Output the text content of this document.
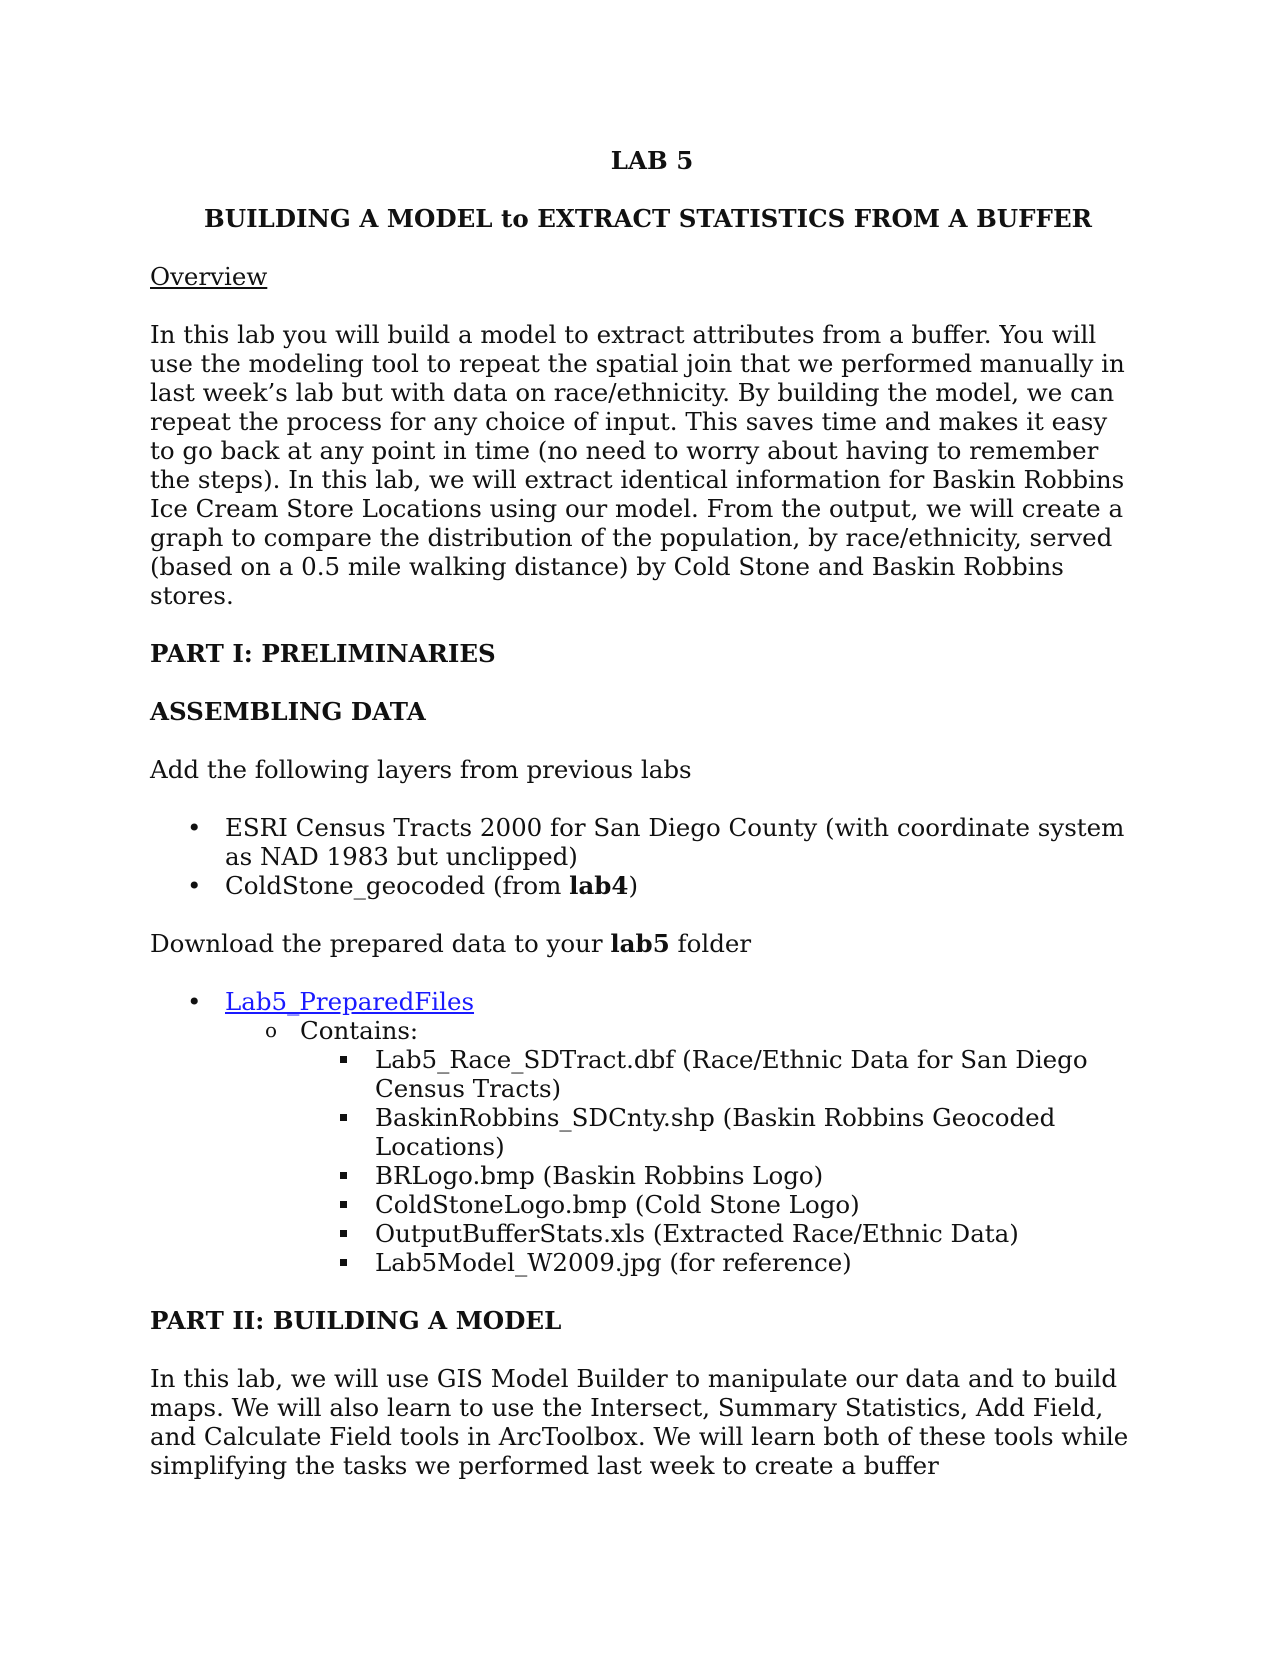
LAB 5

BUILDING A MODEL to EXTRACT STATISTICS FROM A BUFFER

Overview

In this lab you will build a model to extract attributes from a buffer. You will use the modeling tool to repeat the spatial join that we performed manually in last week’s lab but with data on race/ethnicity. By building the model, we can repeat the process for any choice of input. This saves time and makes it easy to go back at any point in time (no need to worry about having to remember the steps). In this lab, we will extract identical information for Baskin Robbins Ice Cream Store Locations using our model. From the output, we will create a graph to compare the distribution of the population, by race/ethnicity, served (based on a 0.5 mile walking distance) by Cold Stone and Baskin Robbins stores.

PART I: PRELIMINARIES

ASSEMBLING DATA

Add the following layers from previous labs

• ESRI Census Tracts 2000 for San Diego County (with coordinate system as NAD 1983 but unclipped)
• ColdStone_geocoded (from lab4)

Download the prepared data to your lab5 folder

• Lab5_PreparedFiles
o Contains:
Lab5_Race_SDTract.dbf (Race/Ethnic Data for San Diego Census Tracts)
BaskinRobbins_SDCnty.shp (Baskin Robbins Geocoded Locations)
BRLogo.bmp (Baskin Robbins Logo)
ColdStoneLogo.bmp (Cold Stone Logo)
OutputBufferStats.xls (Extracted Race/Ethnic Data)
Lab5Model_W2009.jpg (for reference)

PART II: BUILDING A MODEL

In this lab, we will use GIS Model Builder to manipulate our data and to build maps. We will also learn to use the Intersect, Summary Statistics, Add Field, and Calculate Field tools in ArcToolbox. We will learn both of these tools while simplifying the tasks we performed last week to create a buffer
